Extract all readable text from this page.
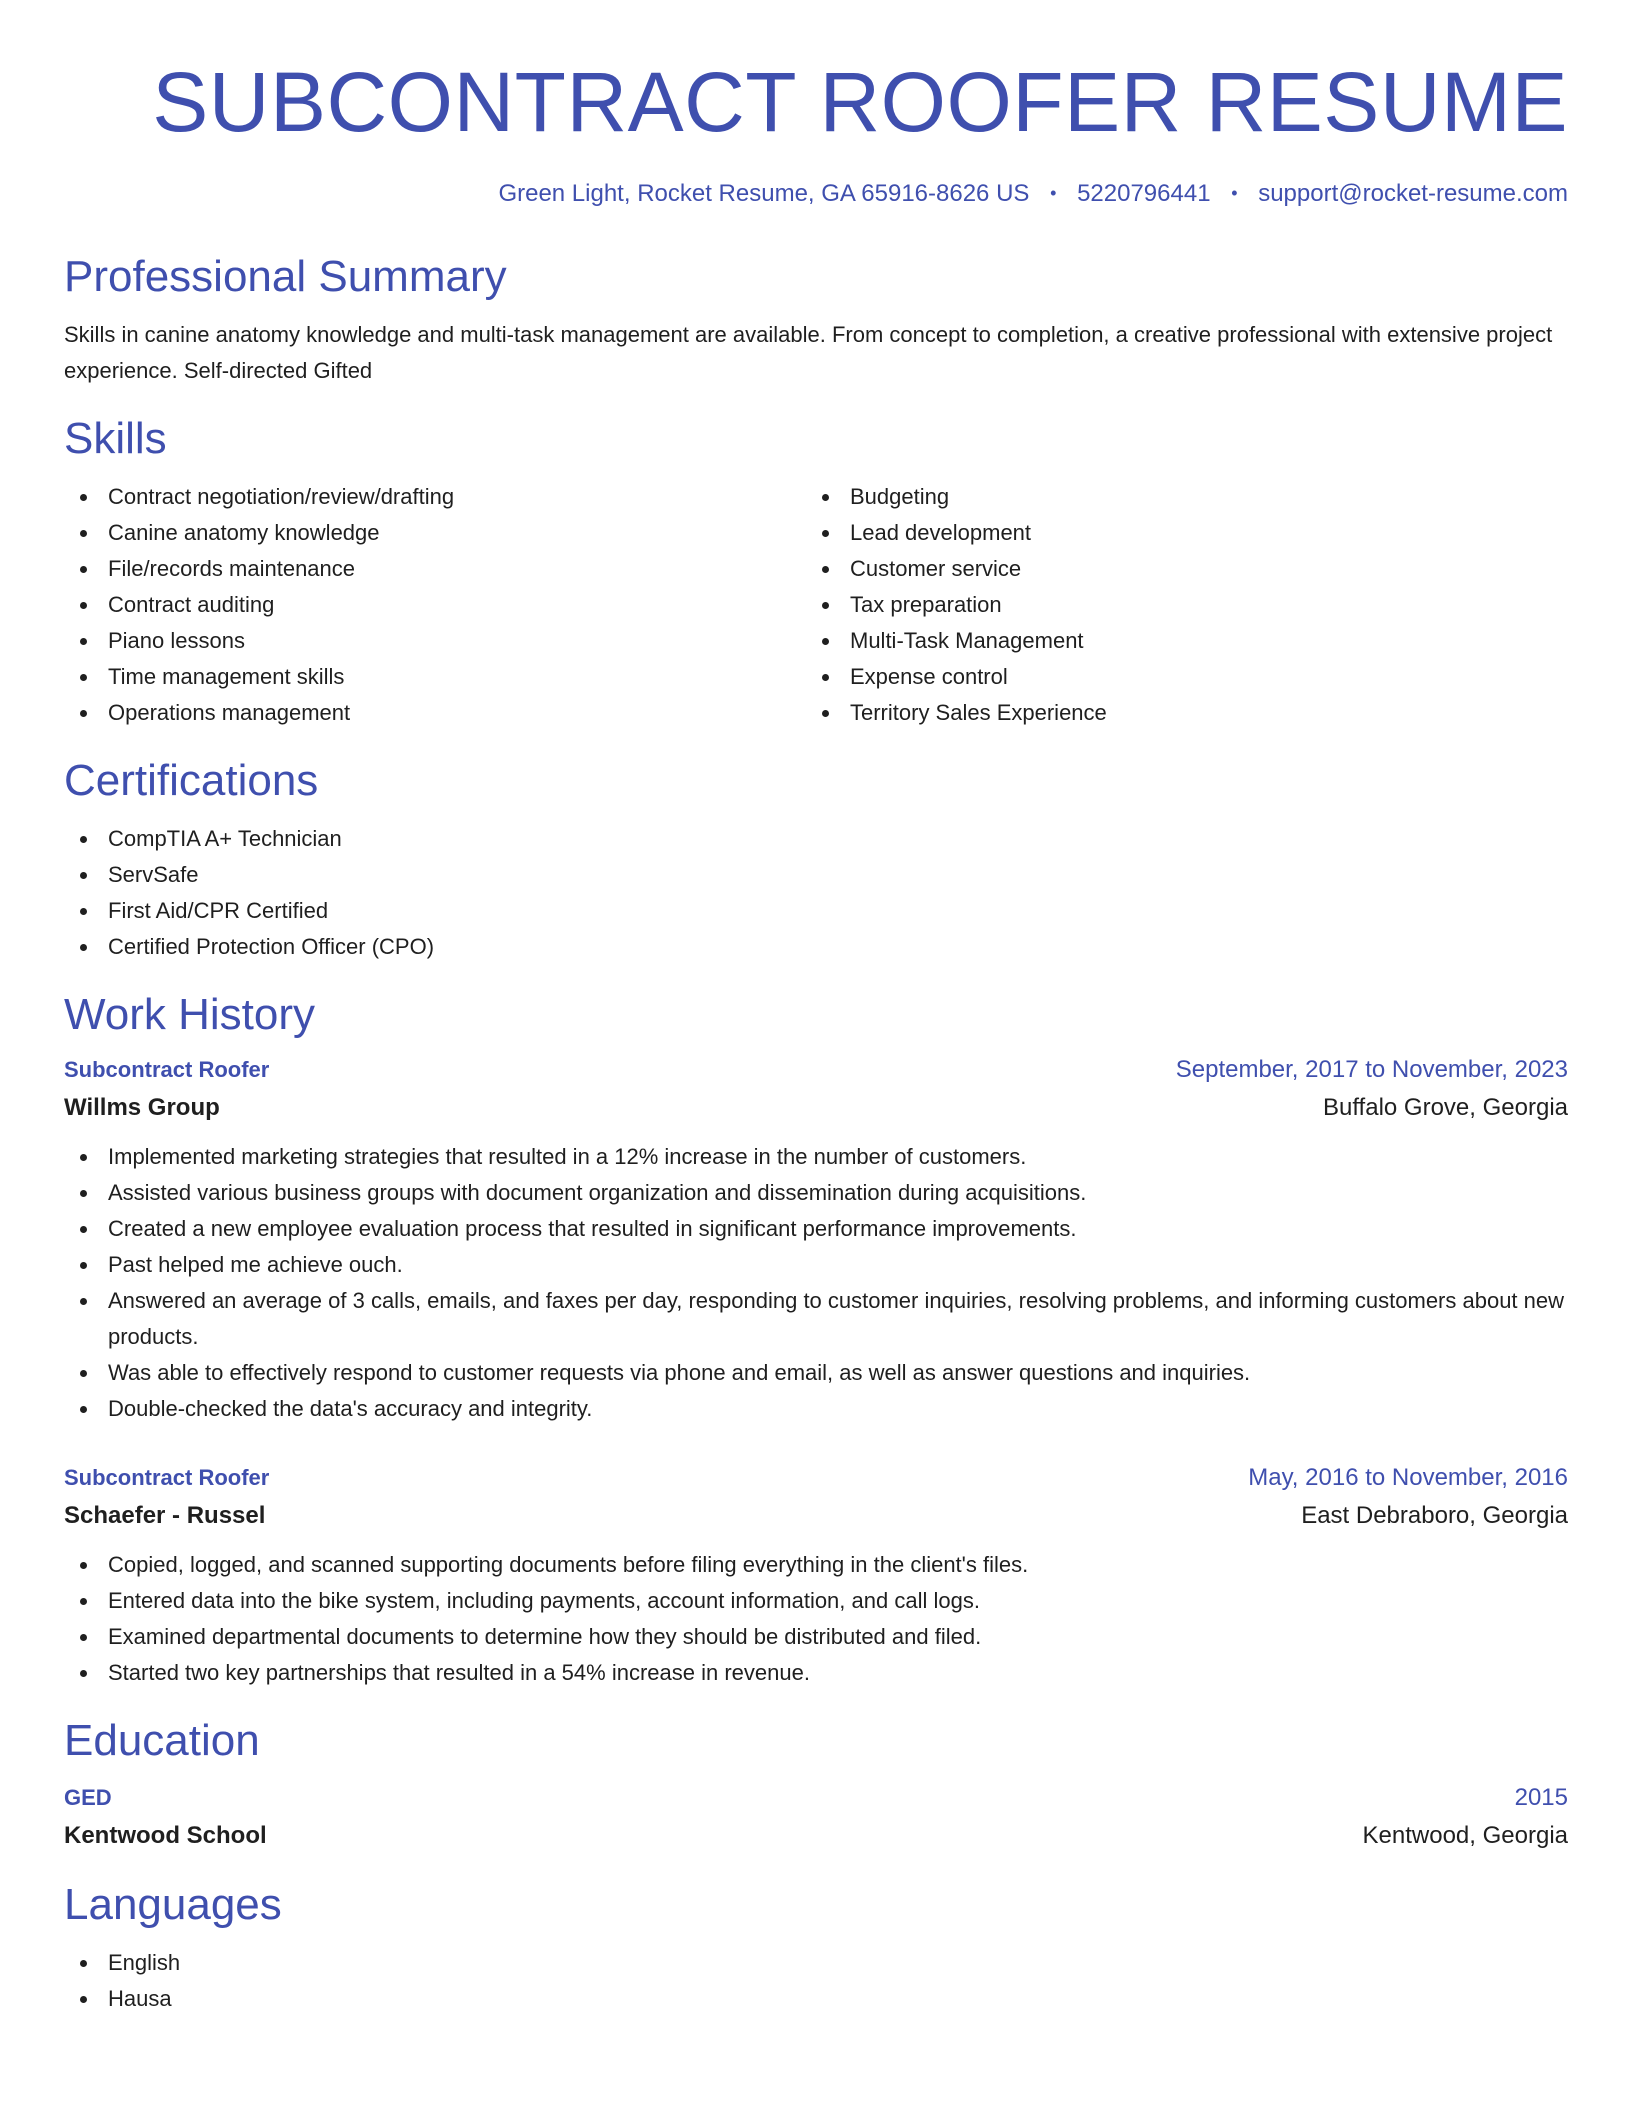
SUBCONTRACT ROOFER RESUME
Green Light, Rocket Resume, GA 65916-8626 US • 5220796441 • support@rocket-resume.com
Professional Summary
Skills in canine anatomy knowledge and multi-task management are available. From concept to completion, a creative professional with extensive project experience. Self-directed Gifted
Skills
Contract negotiation/review/drafting
Canine anatomy knowledge
File/records maintenance
Contract auditing
Piano lessons
Time management skills
Operations management
Budgeting
Lead development
Customer service
Tax preparation
Multi-Task Management
Expense control
Territory Sales Experience
Certifications
CompTIA A+ Technician
ServSafe
First Aid/CPR Certified
Certified Protection Officer (CPO)
Work History
Subcontract Roofer	September, 2017 to November, 2023
Willms Group	Buffalo Grove, Georgia
Implemented marketing strategies that resulted in a 12% increase in the number of customers.
Assisted various business groups with document organization and dissemination during acquisitions.
Created a new employee evaluation process that resulted in significant performance improvements.
Past helped me achieve ouch.
Answered an average of 3 calls, emails, and faxes per day, responding to customer inquiries, resolving problems, and informing customers about new products.
Was able to effectively respond to customer requests via phone and email, as well as answer questions and inquiries.
Double-checked the data's accuracy and integrity.
Subcontract Roofer	May, 2016 to November, 2016
Schaefer - Russel	East Debraboro, Georgia
Copied, logged, and scanned supporting documents before filing everything in the client's files.
Entered data into the bike system, including payments, account information, and call logs.
Examined departmental documents to determine how they should be distributed and filed.
Started two key partnerships that resulted in a 54% increase in revenue.
Education
GED	2015
Kentwood School	Kentwood, Georgia
Languages
English
Hausa
